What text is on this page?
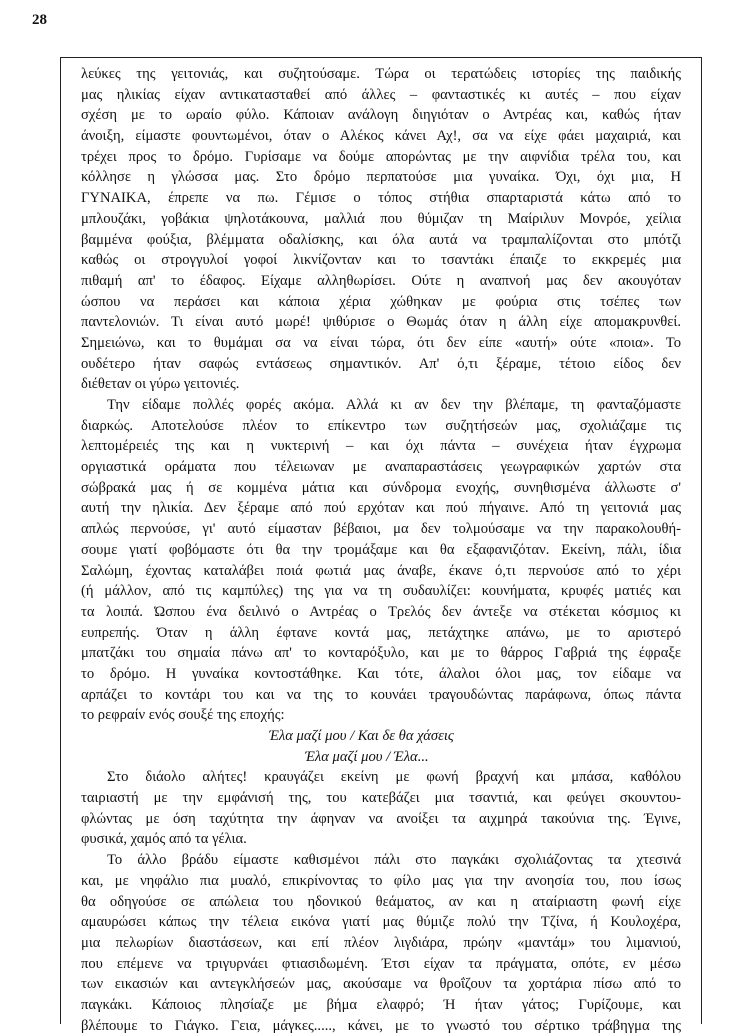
28
λεύκες της γειτονιάς, και συζητούσαμε. Τώρα οι τερατώδεις ιστορίες της παιδικής
μας ηλικίας είχαν αντικατασταθεί από άλλες – φανταστικές κι αυτές – που είχαν
σχέση με το ωραίο φύλο. Κάποιαν ανάλογη διηγιόταν ο Αντρέας και, καθώς ήταν
άνοιξη, είμαστε φουντωμένοι, όταν ο Αλέκος κάνει Αχ!, σα να είχε φάει μαχαιριά, και
τρέχει προς το δρόμο. Γυρίσαμε να δούμε απορώντας με την αιφνίδια τρέλα του, και
κόλλησε η γλώσσα μας. Στο δρόμο περπατούσε μια γυναίκα. Όχι, όχι μια, Η
ΓΥΝΑΙΚΑ, έπρεπε να πω. Γέμισε ο τόπος στήθια σπαρταριστά κάτω από το
μπλουζάκι, γοβάκια ψηλοτάκουνα, μαλλιά που θύμιζαν τη Μαίριλυν Μονρόε, χείλια
βαμμένα φούξια, βλέμματα οδαλίσκης, και όλα αυτά να τραμπαλίζονται στο μπότζι
καθώς οι στρογγυλοί γοφοί λικνίζονταν και το τσαντάκι έπαιζε το εκκρεμές μια
πιθαμή απ' το έδαφος. Είχαμε αλληθωρίσει. Ούτε η αναπνοή μας δεν ακουγόταν
ώσπου να περάσει και κάποια χέρια χώθηκαν με φούρια στις τσέπες των
παντελονιών. Τι είναι αυτό μωρέ! ψιθύρισε ο Θωμάς όταν η άλλη είχε απομακρυνθεί.
Σημειώνω, και το θυμάμαι σα να είναι τώρα, ότι δεν είπε «αυτή» ούτε «ποια». Το
ουδέτερο ήταν σαφώς εντάσεως σημαντικόν. Απ' ό,τι ξέραμε, τέτοιο είδος δεν
διέθεταν οι γύρω γειτονιές.
Την είδαμε πολλές φορές ακόμα. Αλλά κι αν δεν την βλέπαμε, τη φανταζόμαστε
διαρκώς. Αποτελούσε πλέον το επίκεντρο των συζητήσεών μας, σχολιάζαμε τις
λεπτομέρειές της και η νυκτερινή – και όχι πάντα – συνέχεια ήταν έγχρωμα
οργιαστικά οράματα που τέλειωναν με αναπαραστάσεις γεωγραφικών χαρτών στα
σώβρακά μας ή σε κομμένα μάτια και σύνδρομα ενοχής, συνηθισμένα άλλωστε σ'
αυτή την ηλικία. Δεν ξέραμε από πού ερχόταν και πού πήγαινε. Από τη γειτονιά μας
απλώς περνούσε, γι' αυτό είμασταν βέβαιοι, μα δεν τολμούσαμε να την παρακολουθή-
σουμε γιατί φοβόμαστε ότι θα την τρομάξαμε και θα εξαφανιζόταν. Εκείνη, πάλι, ίδια
Σαλώμη, έχοντας καταλάβει ποιά φωτιά μας άναβε, έκανε ό,τι περνούσε από το χέρι
(ή μάλλον, από τις καμπύλες) της για να τη συδαυλίζει: κουνήματα, κρυφές ματιές και
τα λοιπά. Ώσπου ένα δειλινό ο Αντρέας ο Τρελός δεν άντεξε να στέκεται κόσμιος κι
ευπρεπής. Όταν η άλλη έφτανε κοντά μας, πετάχτηκε απάνω, με το αριστερό
μπατζάκι του σημαία πάνω απ' το κονταρόξυλο, και με το θάρρος Γαβριά της έφραξε
το δρόμο. Η γυναίκα κοντοστάθηκε. Και τότε, άλαλοι όλοι μας, τον είδαμε να
αρπάζει το κοντάρι του και να της το κουνάει τραγουδώντας παράφωνα, όπως πάντα
το ρεφραίν ενός σουξέ της εποχής:
Έλα μαζί μου / Και δε θα χάσεις
Έλα μαζί μου / Έλα...
Στο διάολο αλήτες! κραυγάζει εκείνη με φωνή βραχνή και μπάσα, καθόλου
ταιριαστή με την εμφάνισή της, του κατεβάζει μια τσαντιά, και φεύγει σκουντου-
φλώντας με όση ταχύτητα την άφηναν να ανοίξει τα αιχμηρά τακούνια της. Έγινε,
φυσικά, χαμός από τα γέλια.
Το άλλο βράδυ είμαστε καθισμένοι πάλι στο παγκάκι σχολιάζοντας τα χτεσινά
και, με νηφάλιο πια μυαλό, επικρίνοντας το φίλο μας για την ανοησία του, που ίσως
θα οδηγούσε σε απώλεια του ηδονικού θεάματος, αν και η αταίριαστη φωνή είχε
αμαυρώσει κάπως την τέλεια εικόνα γιατί μας θύμιζε πολύ την Τζίνα, ή Κουλοχέρα,
μια πελωρίων διαστάσεων, και επί πλέον λιγδιάρα, πρώην «μαντάμ» του λιμανιού,
που επέμενε να τριγυρνάει φτιασιδωμένη. Έτσι είχαν τα πράγματα, οπότε, εν μέσω
των εικασιών και αντεγκλήσεών μας, ακούσαμε να θροΐζουν τα χορτάρια πίσω από το
παγκάκι. Κάποιος πλησίαζε με βήμα ελαφρό; Ή ήταν γάτος; Γυρίζουμε, και
βλέπουμε το Γιάγκο. Γεια, μάγκες....., κάνει, με το γνωστό του σέρτικο τράβηγμα της
